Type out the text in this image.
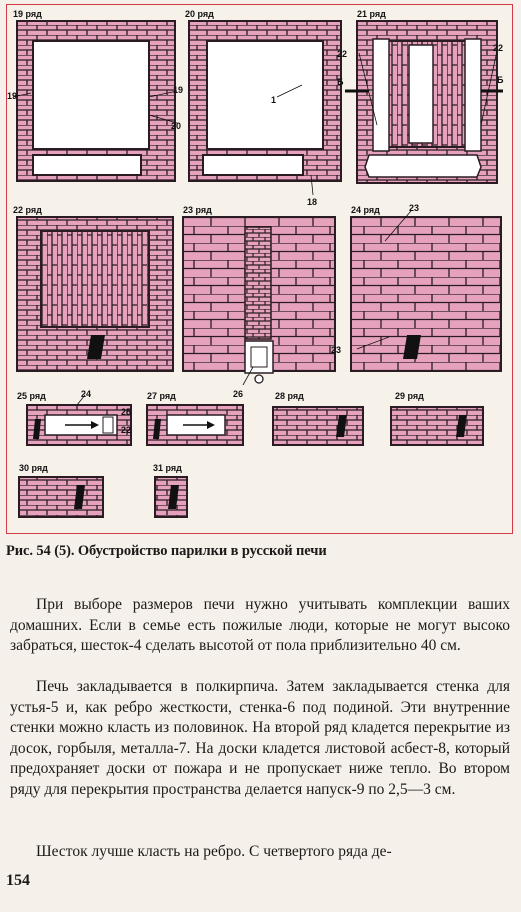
19 ряд
19
19
20
20 ряд
1
18
21 ряд
22
22
Б	Б
22 ряд	23 ряд
26
24 ряд	23
23
25 ряд	24
25
22
27 ряд	28 ряд	29 ряд
30 ряд	31 ряд
Рис. 54 (5). Обустройство парилки в русской печи

При выборе размеров печи нужно учитывать комплекции ваших домашних. Если в семье есть пожилые люди, которые не могут высоко забраться, шесток-4 сделать высотой от пола приблизительно 40 см.

Печь закладывается в полкирпича. Затем закладывается стенка для устья-5 и, как ребро жесткости, стенка-6 под подиной. Эти внутренние стенки можно класть из половинок. На второй ряд кладется перекрытие из досок, горбыля, металла-7. На доски кладется листовой асбест-8, который предохраняет доски от пожара и не пропускает ниже тепло. Во втором ряду для перекрытия пространства делается напуск-9 по 2,5—3 см.

Шесток лучше класть на ребро. С четвертого ряда де-

154
